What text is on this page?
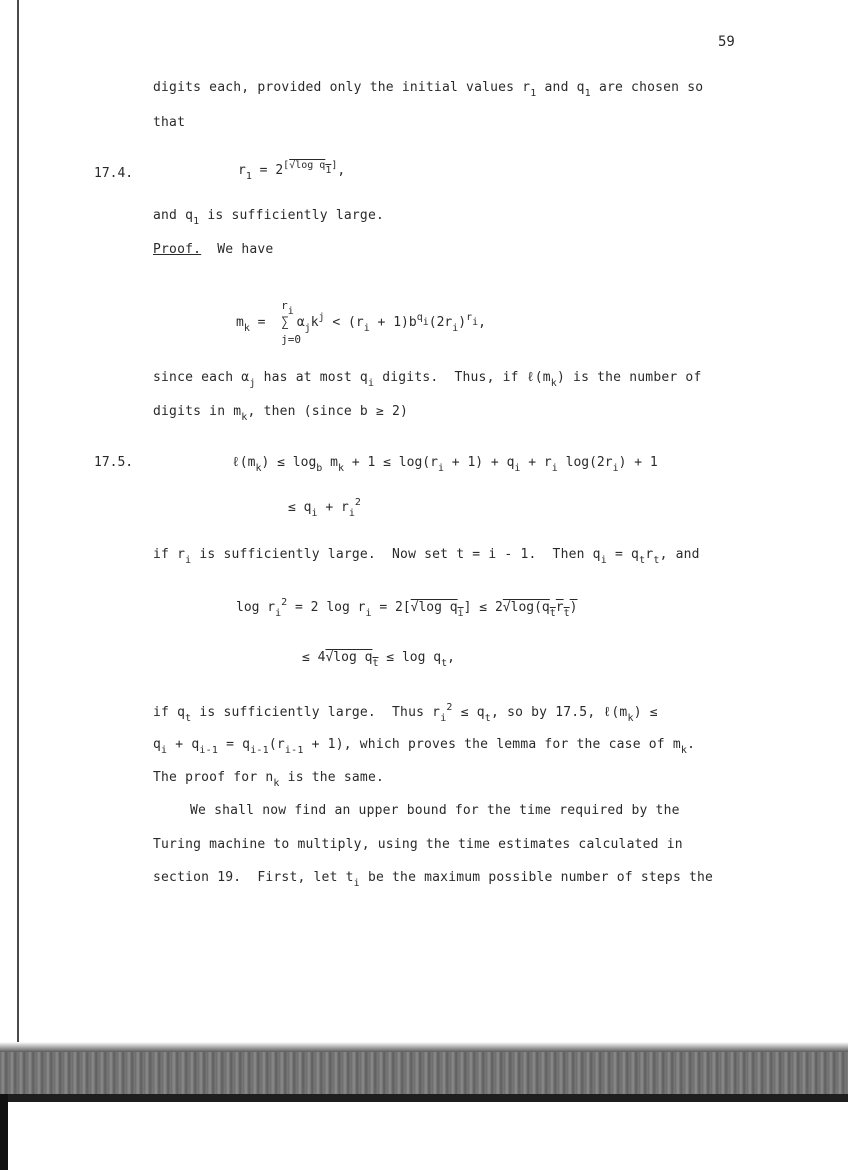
59
digits each, provided only the initial values $r_1$ and $q_1$ are chosen so
that
17.4.	$r_1 = 2[√\log q1]$,
and $q_1$ is sufficiently large.
Proof. We have
$m_k$ =
$r_i$
∑
j=0
$\alpha_jk^j < (r_i + 1)b^{q_i}(2r_i)^{r_i}$,
since each $\alpha_j$ has at most $q_i$ digits.  Thus, if $\ell(m_k)$ is the number of
digits in $m_k$, then (since b ≥ 2)
17.5.	$\ell(m_k) \le \log_b m_k + 1 \le \log(r_i + 1) + q_i + r_i$ $\log(2r_i) + 1$
≤ $q_i + r_i^2$
if $r_i$ is sufficiently large.  Now set t = i - 1.  Then $q_i = q_tr_t$, and
$\log r_i^2 = 2$ $\log r_i = 2[√\log$ $q_i] \le 2√\log(q_tr_t)$
≤ 4√log $q_t \le \log q_t$,
if $q_t$ is sufficiently large.  Thus $r_i^2 \le q_t$, so by 17.5, $\ell(m_k)$ ≤
$q_i + q_{i-1} = q_{i-1}(r_{i-1} + 1)$, which proves the lemma for the case of $m_k$.
The proof for $n_k$ is the same.
We shall now find an upper bound for the time required by the
Turing machine to multiply, using the time estimates calculated in
section 19.  First, let $t_i$ be the maximum possible number of steps the
